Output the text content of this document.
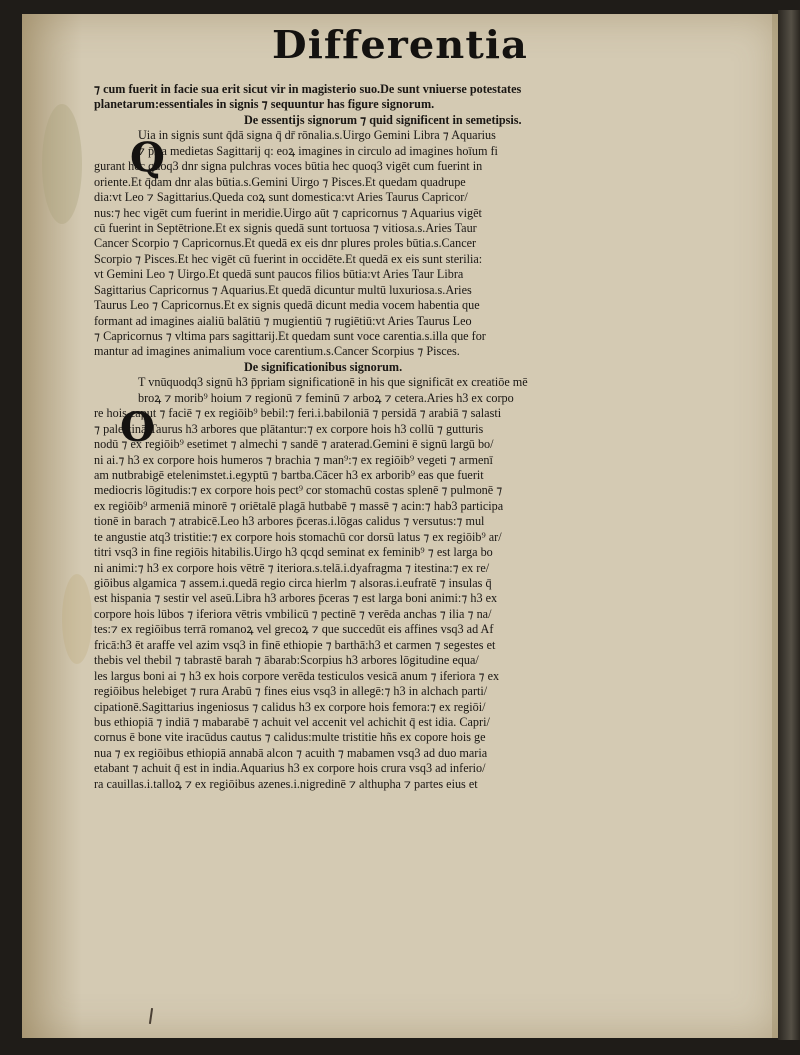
Differentia
⁊ cum fuerit in facie sua erit sicut vir in magisterio suo.De sunt vniuerse potestates
planetarum:essentiales in signis ⁊ sequuntur has figure signorum.
De essentijs signorum ⁊ quid significent in semetipsis.
Uia in signis sunt q̄dā signa q̄ dr̄ rōnalia.s.Uirgo Gemini Libra ⁊ Aquarius
⁊ p̄ria medietas Sagittarij q: eoꝝ imagines in circulo ad imagines hoīum fi
gurant hec quoq3 dnr signa pulchras voces būtia hec quoq3 vigēt cum fuerint in
oriente.Et q̄dam dnr alas būtia.s.Gemini Uirgo ⁊ Pisces.Et quedam quadrupe
dia:vt Leo ⁊ Sagittarius.Queda coꝝ sunt domestica:vt Aries Taurus Capricor/
nus:⁊ hec vigēt cum fuerint in meridie.Uirgo aūt ⁊ capricornus ⁊ Aquarius vigēt
cū fuerint in Septētrione.Et ex signis quedā sunt tortuosa ⁊ vitiosa.s.Aries Taur
Cancer Scorpio ⁊ Capricornus.Et quedā ex eis dnr plures proles būtia.s.Cancer
Scorpio ⁊ Pisces.Et hec vigēt cū fuerint in occidēte.Et quedā ex eis sunt sterilia:
vt Gemini Leo ⁊ Uirgo.Et quedā sunt paucos filios būtia:vt Aries Taur Libra
Sagittarius Capricornus ⁊ Aquarius.Et quedā dicuntur multū luxuriosa.s.Aries
Taurus Leo ⁊ Capricornus.Et ex signis quedā dicunt media vocem habentia que
formant ad imagines aialiū balātiū ⁊ mugientiū ⁊ rugiētiū:vt Aries Taurus Leo
⁊ Capricornus ⁊ vltima pars sagittarij.Et quedam sunt voce carentia.s.illa que for
mantur ad imagines animalium voce carentium.s.Cancer Scorpius ⁊ Pisces.
De significationibus signorum.
T vnūquodq3 signū h3 p̄priam significationē in his que significāt ex creatiōe mē
broꝝ ⁊ morib⁹ hoium ⁊ regionū ⁊ feminū ⁊ arboꝝ ⁊ cetera.Aries h3 ex corpo
re hois caput ⁊ faciē ⁊ ex regiōib⁹ bebil:⁊ feri.i.babiloniā ⁊ persidā ⁊ arabiā ⁊ salasti
⁊ palestinā.Taurus h3 arbores que plātantur:⁊ ex corpore hois h3 collū ⁊ gutturis
nodū ⁊ ex regiōib⁹ esetimet ⁊ almechi ⁊ sandē ⁊ araterad.Gemini ē signū largū bo/
ni ai.⁊ h3 ex corpore hois humeros ⁊ brachia ⁊ man⁹:⁊ ex regiōib⁹ vegeti ⁊ armenī
am nutbrabigē etelenimstet.i.egyptū ⁊ bartba.Cācer h3 ex arborib⁹ eas que fuerit
mediocris lōgitudis:⁊ ex corpore hois pect⁹ cor stomachū costas splenē ⁊ pulmonē ⁊
ex regiōib⁹ armeniā minorē ⁊ oriētalē plagā hutbabē ⁊ massē ⁊ acin:⁊ hab3 participa
tionē in barach ⁊ atrabicē.Leo h3 arbores p̄ceras.i.lōgas calidus ⁊ versutus:⁊ mul
te angustie atq3 tristitie:⁊ ex corpore hois stomachū cor dorsū latus ⁊ ex regiōib⁹ ar/
titri vsq3 in fine regiōis hitabilis.Uirgo h3 qcqd seminat ex feminib⁹ ⁊ est larga bo
ni animi:⁊ h3 ex corpore hois vētrē ⁊ iteriora.s.telā.i.dyafragma ⁊ itestina:⁊ ex re/
giōibus algamica ⁊ assem.i.quedā regio circa hierlm ⁊ alsoras.i.eufratē ⁊ insulas q̄
est hispania ⁊ sestir vel aseū.Libra h3 arbores p̄ceras ⁊ est larga boni animi:⁊ h3 ex
corpore hois lūbos ⁊ iferiora vētris vmbilicū ⁊ pectinē ⁊ verēda anchas ⁊ ilia ⁊ na/
tes:⁊ ex regiōibus terrā romanoꝝ vel grecoꝝ ⁊ que succedūt eis affines vsq3 ad Af
fricā:h3 ēt araffe vel azim vsq3 in finē ethiopie ⁊ barthā:h3 et carmen ⁊ segestes et
thebis vel thebil ⁊ tabrastē barah ⁊ ābarab:Scorpius h3 arbores lōgitudine equa/
les largus boni ai ⁊ h3 ex hois corpore verēda testiculos vesicā anum ⁊ iferiora ⁊ ex
regiōibus helebiget ⁊ rura Arabū ⁊ fines eius vsq3 in allegē:⁊ h3 in alchach parti/
cipationē.Sagittarius ingeniosus ⁊ calidus h3 ex corpore hois femora:⁊ ex regiōi/
bus ethiopiā ⁊ indiā ⁊ mabarabē ⁊ achuit vel accenit vel achichit q̄ est idia. Capri/
cornus ē bone vite iracūdus cautus ⁊ calidus:multe tristitie hñs ex copore hois ge
nua ⁊ ex regiōibus ethiopiā annabā alcon ⁊ acuith ⁊ mabamen vsq3 ad duo maria
etabant ⁊ achuit q̄ est in india.Aquarius h3 ex corpore hois crura vsq3 ad inferio/
ra cauillas.i.talloꝝ ⁊ ex regiōibus azenes.i.nigredinē ⁊ althupha ⁊ partes eius et
Q
O
